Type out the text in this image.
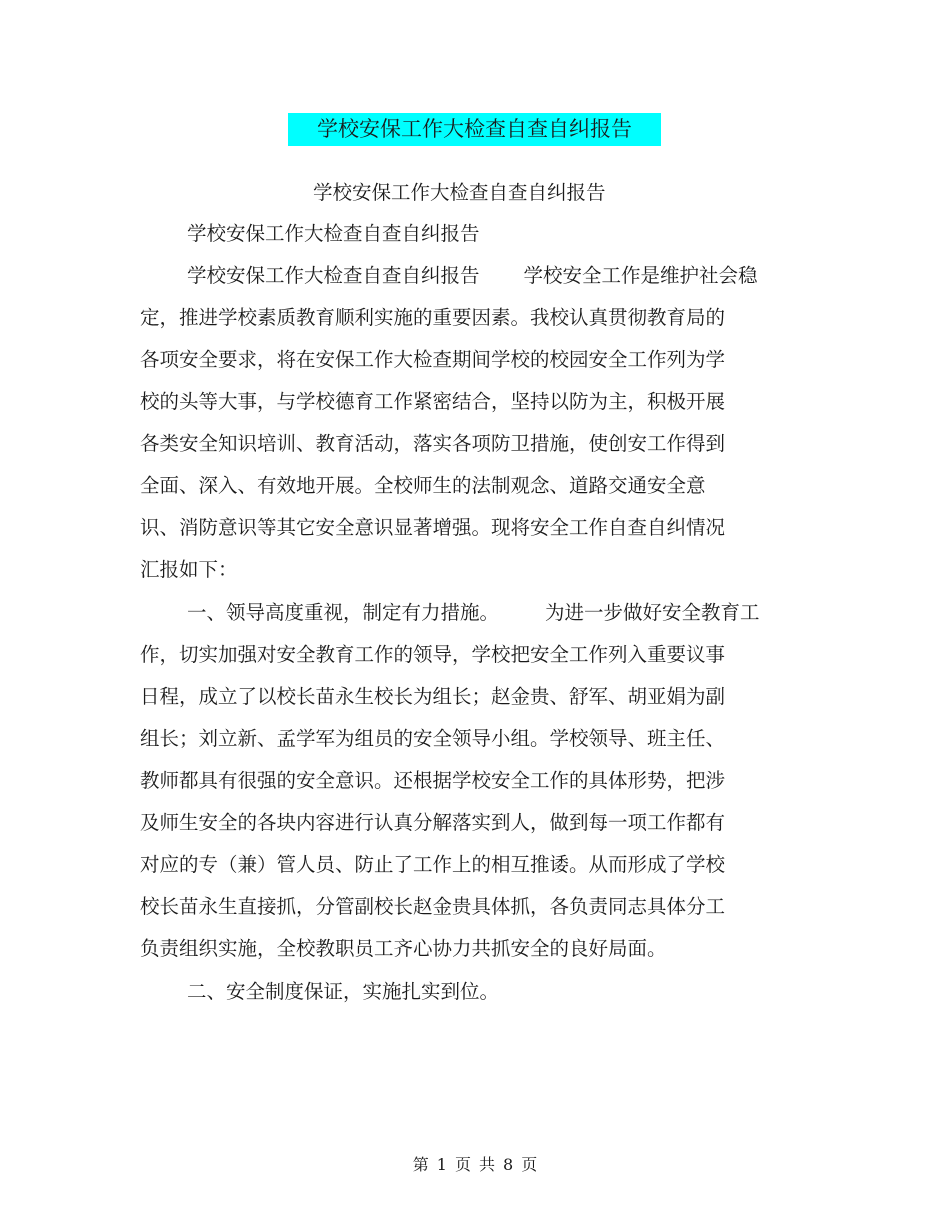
学校安保工作大检查自查自纠报告
学校安保工作大检查自查自纠报告
学校安保工作大检查自查自纠报告
学校安保工作大检查自查自纠报告 学校安全工作是维护社会稳
定，推进学校素质教育顺利实施的重要因素。我校认真贯彻教育局的
各项安全要求，将在安保工作大检查期间学校的校园安全工作列为学
校的头等大事，与学校德育工作紧密结合，坚持以防为主，积极开展
各类安全知识培训、教育活动，落实各项防卫措施，使创安工作得到
全面、深入、有效地开展。全校师生的法制观念、道路交通安全意
识、消防意识等其它安全意识显著增强。现将安全工作自查自纠情况
汇报如下：
一、领导高度重视，制定有力措施。 为进一步做好安全教育工
作，切实加强对安全教育工作的领导，学校把安全工作列入重要议事
日程，成立了以校长苗永生校长为组长；赵金贵、舒军、胡亚娟为副
组长；刘立新、孟学军为组员的安全领导小组。学校领导、班主任、
教师都具有很强的安全意识。还根据学校安全工作的具体形势，把涉
及师生安全的各块内容进行认真分解落实到人，做到每一项工作都有
对应的专（兼）管人员、防止了工作上的相互推诿。从而形成了学校
校长苗永生直接抓，分管副校长赵金贵具体抓，各负责同志具体分工
负责组织实施，全校教职员工齐心协力共抓安全的良好局面。
二、安全制度保证，实施扎实到位。
第 1 页 共 8 页
